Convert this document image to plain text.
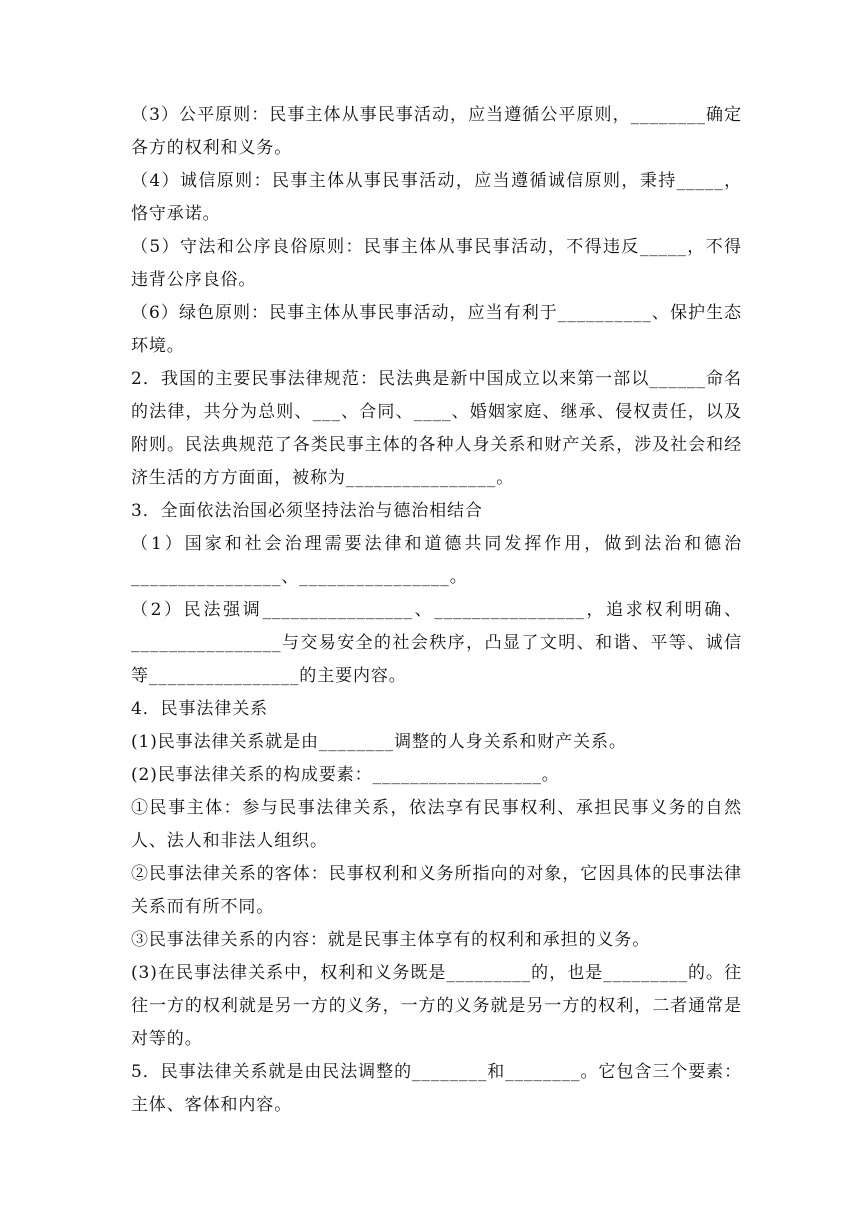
（3）公平原则：民事主体从事民事活动，应当遵循公平原则，________确定各方的权利和义务。

（4）诚信原则：民事主体从事民事活动，应当遵循诚信原则，秉持_____，恪守承诺。

（5）守法和公序良俗原则：民事主体从事民事活动，不得违反_____，不得违背公序良俗。

（6）绿色原则：民事主体从事民事活动，应当有利于__________、保护生态环境。

2．我国的主要民事法律规范：民法典是新中国成立以来第一部以______命名的法律，共分为总则、___、合同、____、婚姻家庭、继承、侵权责任，以及附则。民法典规范了各类民事主体的各种人身关系和财产关系，涉及社会和经济生活的方方面面，被称为________________。

3．全面依法治国必须坚持法治与德治相结合

（1）国家和社会治理需要法律和道德共同发挥作用，做到法治和德治________________、________________。

（2）民法强调________________、________________，追求权利明确、________________与交易安全的社会秩序，凸显了文明、和谐、平等、诚信等________________的主要内容。

4．民事法律关系

(1)民事法律关系就是由________调整的人身关系和财产关系。

(2)民事法律关系的构成要素：__________________。

①民事主体：参与民事法律关系，依法享有民事权利、承担民事义务的自然人、法人和非法人组织。

②民事法律关系的客体：民事权利和义务所指向的对象，它因具体的民事法律关系而有所不同。

③民事法律关系的内容：就是民事主体享有的权利和承担的义务。

(3)在民事法律关系中，权利和义务既是_________的，也是_________的。往往一方的权利就是另一方的义务，一方的义务就是另一方的权利，二者通常是对等的。

5．民事法律关系就是由民法调整的________和________。它包含三个要素：主体、客体和内容。
